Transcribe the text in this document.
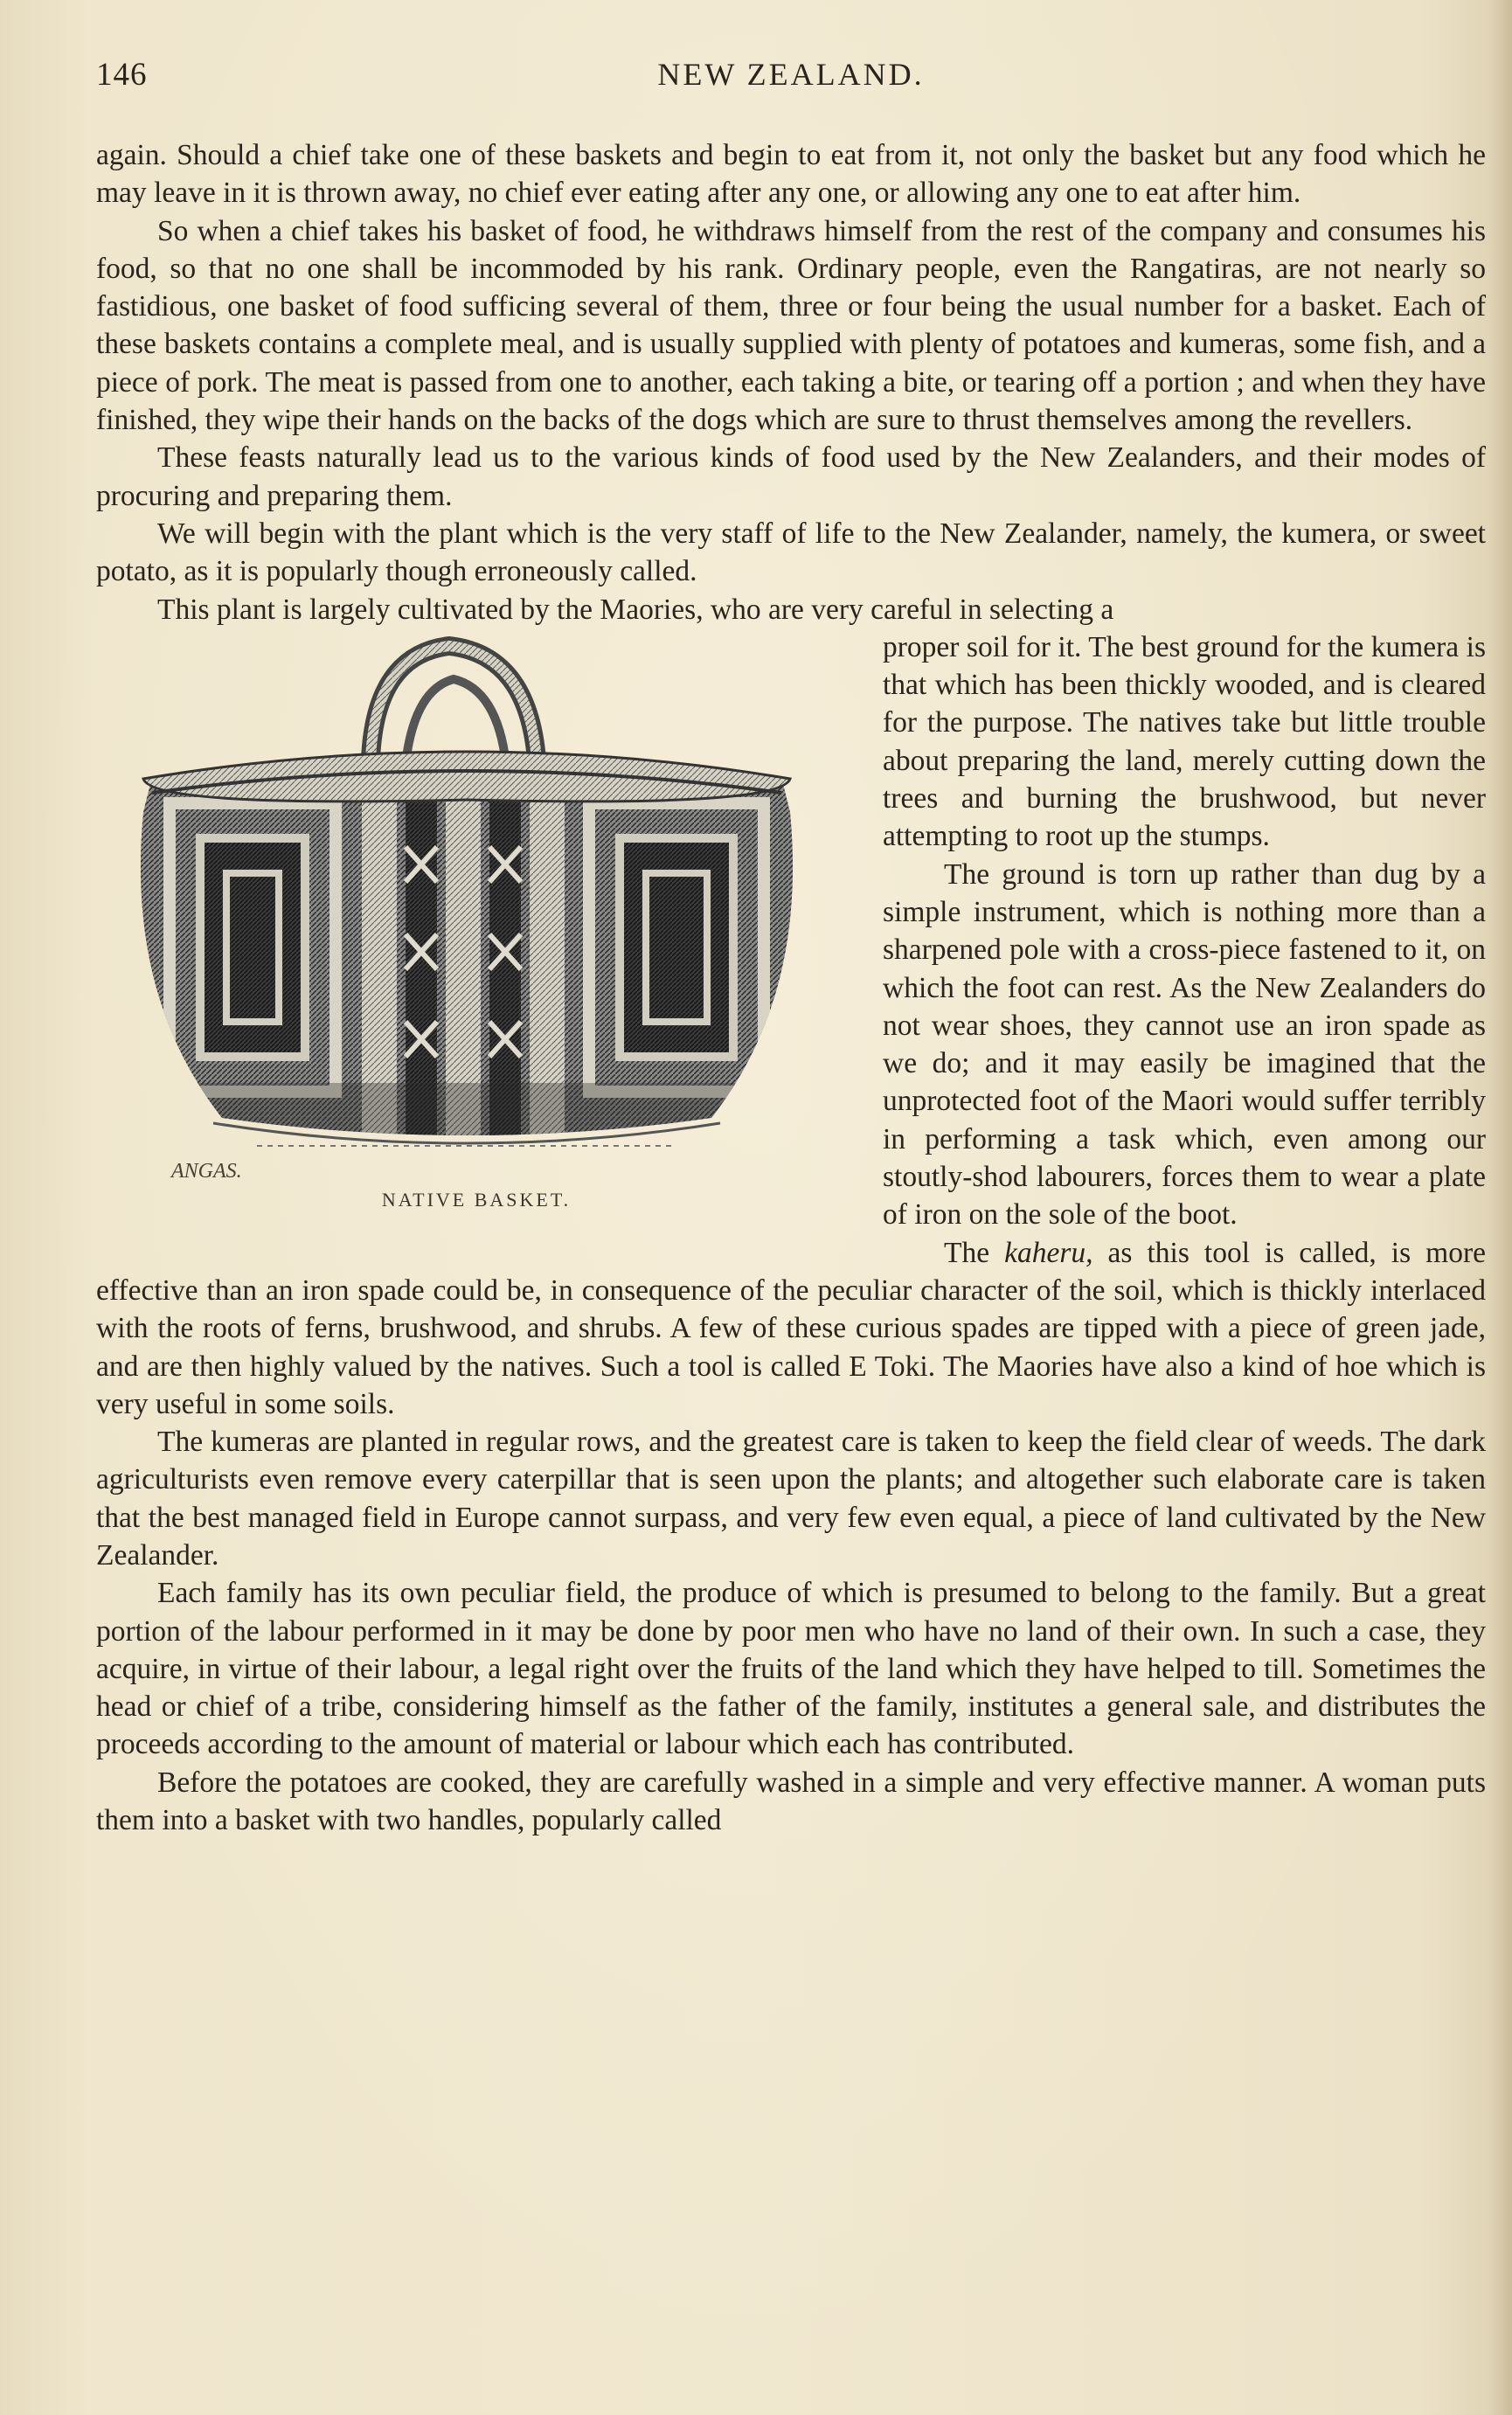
146	NEW ZEALAND.

again. Should a chief take one of these baskets and begin to eat from it, not only the basket but any food which he may leave in it is thrown away, no chief ever eating after any one, or allowing any one to eat after him.

So when a chief takes his basket of food, he withdraws himself from the rest of the company and consumes his food, so that no one shall be incommoded by his rank. Ordinary people, even the Rangatiras, are not nearly so fastidious, one basket of food sufficing several of them, three or four being the usual number for a basket. Each of these baskets contains a complete meal, and is usually supplied with plenty of potatoes and kumeras, some fish, and a piece of pork. The meat is passed from one to another, each taking a bite, or tearing off a portion ; and when they have finished, they wipe their hands on the backs of the dogs which are sure to thrust themselves among the revellers.

These feasts naturally lead us to the various kinds of food used by the New Zealanders, and their modes of procuring and preparing them.

We will begin with the plant which is the very staff of life to the New Zealander, namely, the kumera, or sweet potato, as it is popularly though erroneously called.

This plant is largely cultivated by the Maories, who are very careful in selecting a

ANGAS.
NATIVE BASKET.

proper soil for it. The best ground for the kumera is that which has been thickly wooded, and is cleared for the purpose. The natives take but little trouble about preparing the land, merely cutting down the trees and burning the brushwood, but never attempting to root up the stumps.

The ground is torn up rather than dug by a simple instrument, which is nothing more than a sharpened pole with a cross-piece fastened to it, on which the foot can rest. As the New Zealanders do not wear shoes, they cannot use an iron spade as we do; and it may easily be imagined that the unprotected foot of the Maori would suffer terribly in performing a task which, even among our stoutly-shod labourers, forces them to wear a plate of iron on the sole of the boot.

The kaheru, as this tool is called, is more effective than an iron spade could be, in consequence of the peculiar character of the soil, which is thickly interlaced with the roots of ferns, brushwood, and shrubs. A few of these curious spades are tipped with a piece of green jade, and are then highly valued by the natives. Such a tool is called E Toki. The Maories have also a kind of hoe which is very useful in some soils.

The kumeras are planted in regular rows, and the greatest care is taken to keep the field clear of weeds. The dark agriculturists even remove every caterpillar that is seen upon the plants; and altogether such elaborate care is taken that the best managed field in Europe cannot surpass, and very few even equal, a piece of land cultivated by the New Zealander.

Each family has its own peculiar field, the produce of which is presumed to belong to the family. But a great portion of the labour performed in it may be done by poor men who have no land of their own. In such a case, they acquire, in virtue of their labour, a legal right over the fruits of the land which they have helped to till. Sometimes the head or chief of a tribe, considering himself as the father of the family, institutes a general sale, and distributes the proceeds according to the amount of material or labour which each has contributed.

Before the potatoes are cooked, they are carefully washed in a simple and very effective manner. A woman puts them into a basket with two handles, popularly called
